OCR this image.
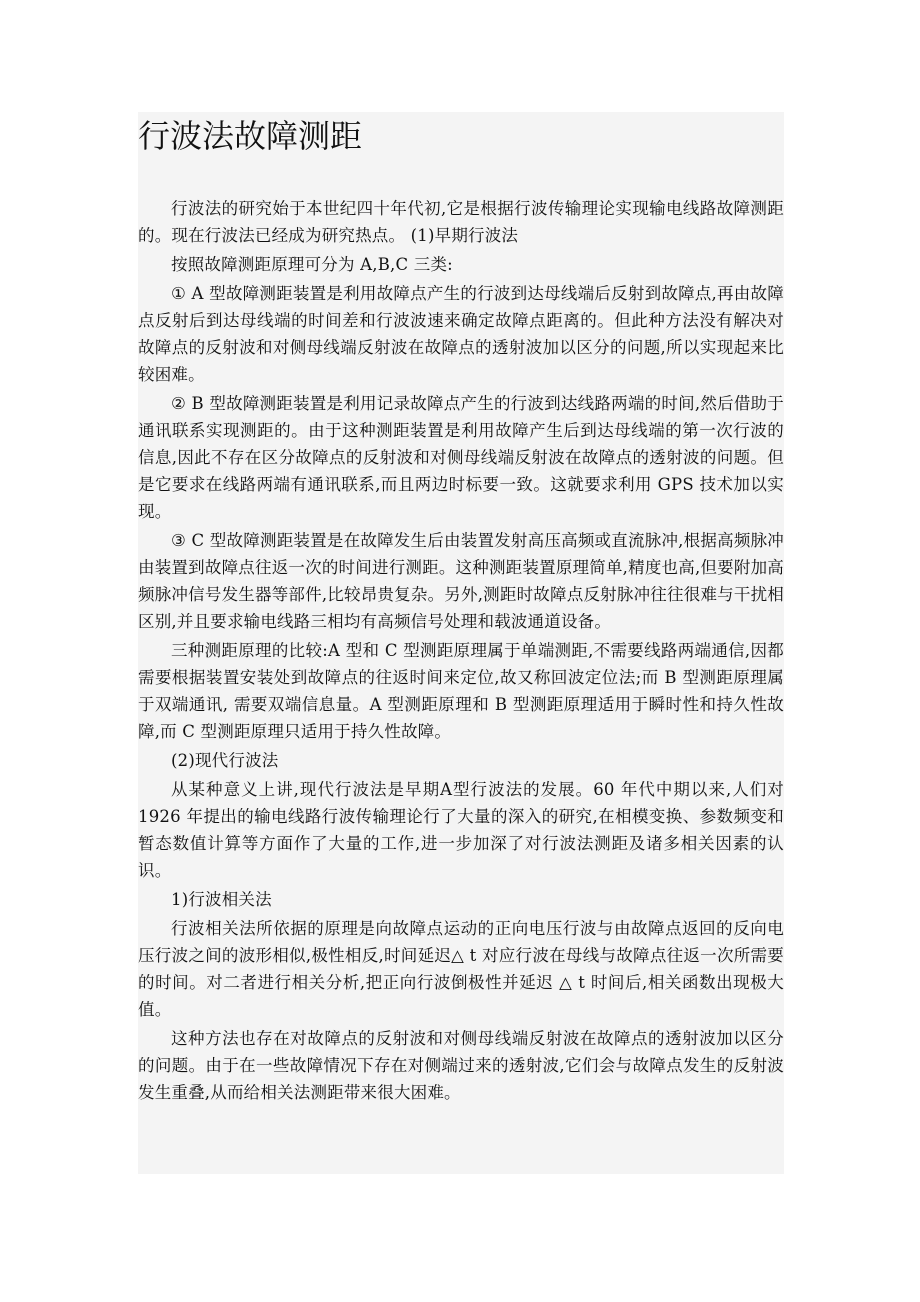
行波法故障测距

行波法的研究始于本世纪四十年代初,它是根据行波传输理论实现输电线路故障测距的。现在行波法已经成为研究热点。 (1)早期行波法

按照故障测距原理可分为 A,B,C 三类:

① A 型故障测距装置是利用故障点产生的行波到达母线端后反射到故障点,再由故障点反射后到达母线端的时间差和行波波速来确定故障点距离的。但此种方法没有解决对故障点的反射波和对侧母线端反射波在故障点的透射波加以区分的问题,所以实现起来比较困难。

② B 型故障测距装置是利用记录故障点产生的行波到达线路两端的时间,然后借助于通讯联系实现测距的。由于这种测距装置是利用故障产生后到达母线端的第一次行波的信息,因此不存在区分故障点的反射波和对侧母线端反射波在故障点的透射波的问题。但是它要求在线路两端有通讯联系,而且两边时标要一致。这就要求利用 GPS 技术加以实现。

③ C 型故障测距装置是在故障发生后由装置发射高压高频或直流脉冲,根据高频脉冲由装置到故障点往返一次的时间进行测距。这种测距装置原理简单,精度也高,但要附加高频脉冲信号发生器等部件,比较昂贵复杂。另外,测距时故障点反射脉冲往往很难与干扰相区别,并且要求输电线路三相均有高频信号处理和载波通道设备。

三种测距原理的比较:A 型和 C 型测距原理属于单端测距,不需要线路两端通信,因都需要根据装置安装处到故障点的往返时间来定位,故又称回波定位法;而 B 型测距原理属于双端通讯, 需要双端信息量。A 型测距原理和 B 型测距原理适用于瞬时性和持久性故障,而 C 型测距原理只适用于持久性故障。

(2)现代行波法

从某种意义上讲,现代行波法是早期A型行波法的发展。60 年代中期以来,人们对 1926 年提出的输电线路行波传输理论行了大量的深入的研究,在相模变换、参数频变和暂态数值计算等方面作了大量的工作,进一步加深了对行波法测距及诸多相关因素的认识。

1)行波相关法

行波相关法所依据的原理是向故障点运动的正向电压行波与由故障点返回的反向电压行波之间的波形相似,极性相反,时间延迟△ t 对应行波在母线与故障点往返一次所需要的时间。对二者进行相关分析,把正向行波倒极性并延迟 △ t 时间后,相关函数出现极大值。

这种方法也存在对故障点的反射波和对侧母线端反射波在故障点的透射波加以区分的问题。由于在一些故障情况下存在对侧端过来的透射波,它们会与故障点发生的反射波发生重叠,从而给相关法测距带来很大困难。
